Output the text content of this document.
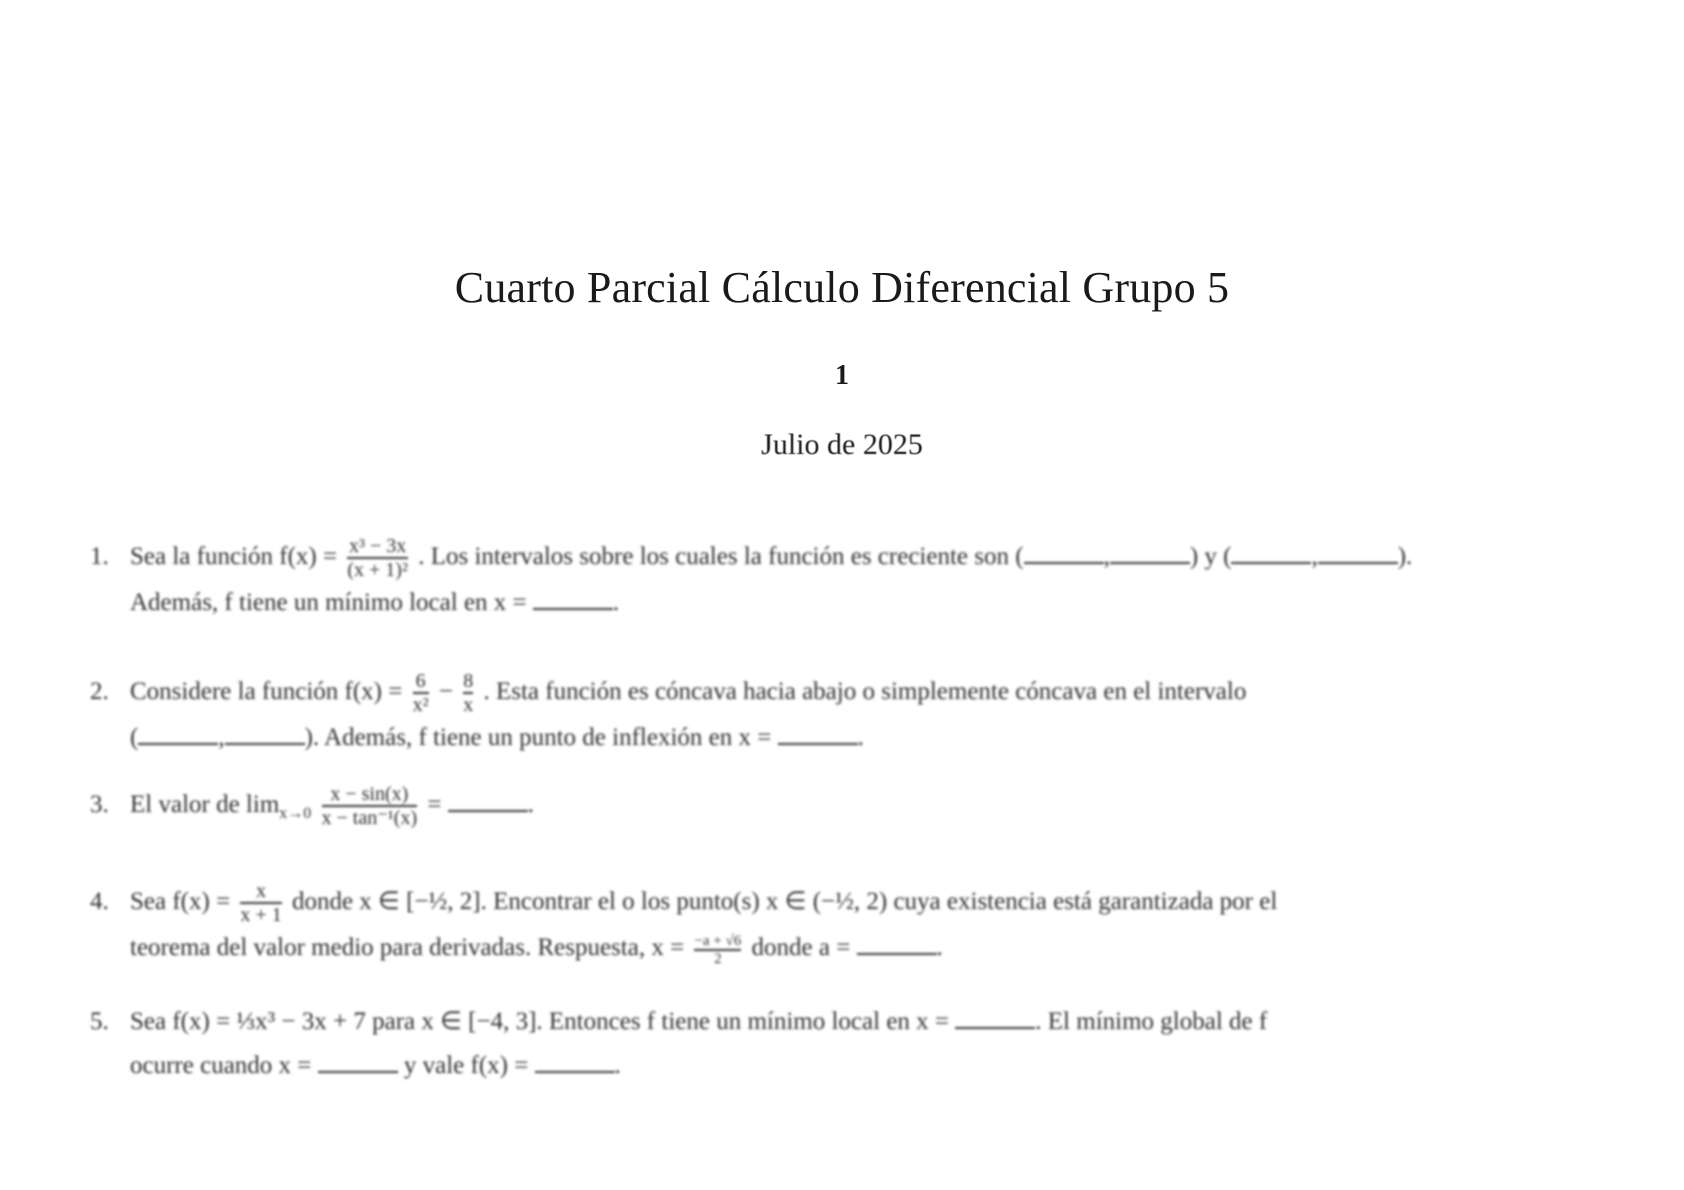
Cuarto Parcial Cálculo Diferencial Grupo 5
1
Julio de 2025
1. Sea la función $f(x) = \frac{\text{x³ − 3x}}{\text{(x + 1)²}}$ . Los intervalos sobre los cuales la función es creciente son (	,	) y (	,	).
Además, f tiene un mínimo local en x =	.
2. Considere la función $f(x) = \frac{6}{\text{x²}} - \frac{8}{x}$ . Esta función es cóncava hacia abajo o simplemente cóncava en el intervalo
(	,	). Además, f tiene un punto de inflexión en x =	.
3. El valor de $\lim_{x\to 0} \frac{x - \sin(x)}{\text{x − tan⁻¹(x)}}$ =	.
4. Sea $f(x) = \frac{x}{x + 1}$ donde x ∈ [−½, 2]. Encontrar el o los punto(s) x ∈ (−½, 2) cuya existencia está garantizada por el
teorema del valor medio para derivadas. Respuesta, $x = \frac{-a + √6}{2}$ donde a =	.
5. Sea f(x) = ⅓x³ − 3x + 7 para x ∈ [−4, 3]. Entonces f tiene un mínimo local en x =	. El mínimo global de f
ocurre cuando x =	y vale f(x) =	.
